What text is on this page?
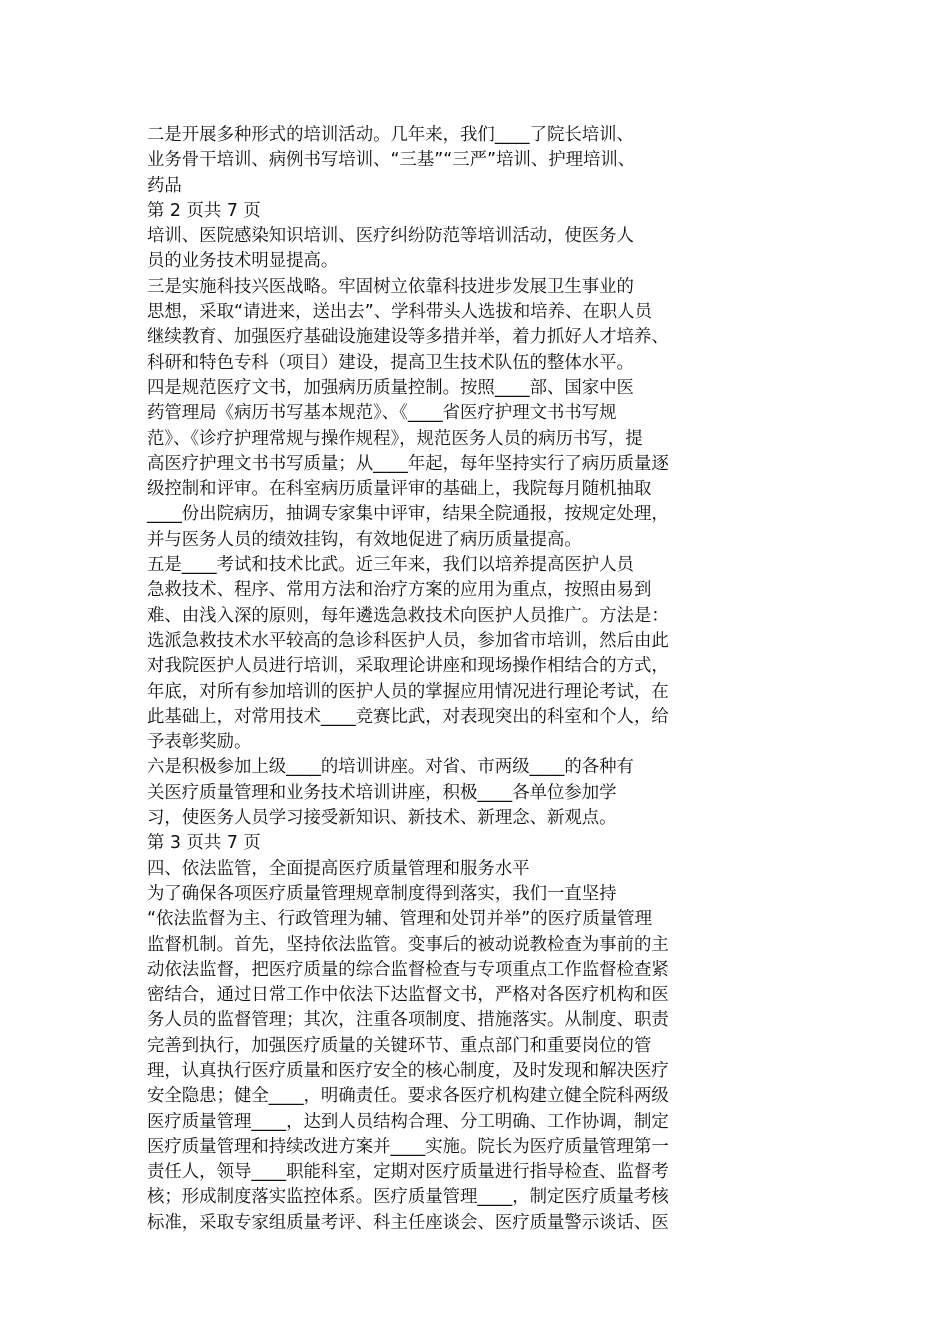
二是开展多种形式的培训活动。几年来，我们____了院长培训、
业务骨干培训、病例书写培训、“三基”“三严”培训、护理培训、
药品
第 2 页共 7 页
培训、医院感染知识培训、医疗纠纷防范等培训活动，使医务人
员的业务技术明显提高。
三是实施科技兴医战略。牢固树立依靠科技进步发展卫生事业的
思想，采取“请进来，送出去”、学科带头人选拔和培养、在职人员
继续教育、加强医疗基础设施建设等多措并举，着力抓好人才培养、
科研和特色专科（项目）建设，提高卫生技术队伍的整体水平。
四是规范医疗文书，加强病历质量控制。按照____部、国家中医
药管理局《病历书写基本规范》、《____省医疗护理文书书写规
范》、《诊疗护理常规与操作规程》，规范医务人员的病历书写，提
高医疗护理文书书写质量；从____年起，每年坚持实行了病历质量逐
级控制和评审。在科室病历质量评审的基础上，我院每月随机抽取
____份出院病历，抽调专家集中评审，结果全院通报，按规定处理，
并与医务人员的绩效挂钩，有效地促进了病历质量提高。
五是____考试和技术比武。近三年来，我们以培养提高医护人员
急救技术、程序、常用方法和治疗方案的应用为重点，按照由易到
难、由浅入深的原则，每年遴选急救技术向医护人员推广。方法是：
选派急救技术水平较高的急诊科医护人员，参加省市培训，然后由此
对我院医护人员进行培训，采取理论讲座和现场操作相结合的方式，
年底，对所有参加培训的医护人员的掌握应用情况进行理论考试，在
此基础上，对常用技术____竞赛比武，对表现突出的科室和个人，给
予表彰奖励。
六是积极参加上级____的培训讲座。对省、市两级____的各种有
关医疗质量管理和业务技术培训讲座，积极____各单位参加学
习，使医务人员学习接受新知识、新技术、新理念、新观点。
第 3 页共 7 页
四、依法监管，全面提高医疗质量管理和服务水平
为了确保各项医疗质量管理规章制度得到落实，我们一直坚持
“依法监督为主、行政管理为辅、管理和处罚并举”的医疗质量管理
监督机制。首先，坚持依法监管。变事后的被动说教检查为事前的主
动依法监督，把医疗质量的综合监督检查与专项重点工作监督检查紧
密结合，通过日常工作中依法下达监督文书，严格对各医疗机构和医
务人员的监督管理；其次，注重各项制度、措施落实。从制度、职责
完善到执行，加强医疗质量的关键环节、重点部门和重要岗位的管
理，认真执行医疗质量和医疗安全的核心制度，及时发现和解决医疗
安全隐患；健全____，明确责任。要求各医疗机构建立健全院科两级
医疗质量管理____，达到人员结构合理、分工明确、工作协调，制定
医疗质量管理和持续改进方案并____实施。院长为医疗质量管理第一
责任人，领导____职能科室，定期对医疗质量进行指导检查、监督考
核；形成制度落实监控体系。医疗质量管理____，制定医疗质量考核
标准，采取专家组质量考评、科主任座谈会、医疗质量警示谈话、医
